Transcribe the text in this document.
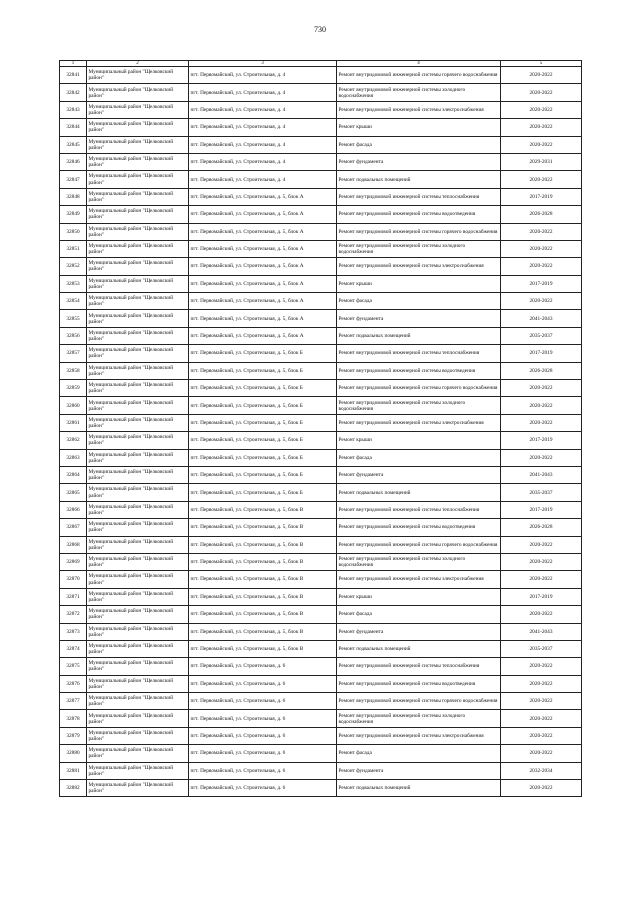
730
1	2	3	4	5
32841	Муниципальный район "Щелковский район"	пгт. Первомайский, ул. Строительная, д. 4	Ремонт внутридомовой инженерной системы горячего водоснабжения	2020-2022
32842	Муниципальный район "Щелковский район"	пгт. Первомайский, ул. Строительная, д. 4	Ремонт внутридомовой инженерной системы холодного водоснабжения	2020-2022
32843	Муниципальный район "Щелковский район"	пгт. Первомайский, ул. Строительная, д. 4	Ремонт внутридомовой инженерной системы электроснабжения	2020-2022
32844	Муниципальный район "Щелковский район"	пгт. Первомайский, ул. Строительная, д. 4	Ремонт крыши	2020-2022
32845	Муниципальный район "Щелковский район"	пгт. Первомайский, ул. Строительная, д. 4	Ремонт фасада	2020-2022
32846	Муниципальный район "Щелковский район"	пгт. Первомайский, ул. Строительная, д. 4	Ремонт фундамента	2029-2031
32847	Муниципальный район "Щелковский район"	пгт. Первомайский, ул. Строительная, д. 4	Ремонт подвальных помещений	2020-2022
32848	Муниципальный район "Щелковский район"	пгт. Первомайский, ул. Строительная, д. 5, блок А	Ремонт внутридомовой инженерной системы теплоснабжения	2017-2019
32849	Муниципальный район "Щелковский район"	пгт. Первомайский, ул. Строительная, д. 5, блок А	Ремонт внутридомовой инженерной системы водоотведения	2026-2028
32850	Муниципальный район "Щелковский район"	пгт. Первомайский, ул. Строительная, д. 5, блок А	Ремонт внутридомовой инженерной системы горячего водоснабжения	2020-2022
32851	Муниципальный район "Щелковский район"	пгт. Первомайский, ул. Строительная, д. 5, блок А	Ремонт внутридомовой инженерной системы холодного водоснабжения	2020-2022
32852	Муниципальный район "Щелковский район"	пгт. Первомайский, ул. Строительная, д. 5, блок А	Ремонт внутридомовой инженерной системы электроснабжения	2020-2022
32853	Муниципальный район "Щелковский район"	пгт. Первомайский, ул. Строительная, д. 5, блок А	Ремонт крыши	2017-2019
32854	Муниципальный район "Щелковский район"	пгт. Первомайский, ул. Строительная, д. 5, блок А	Ремонт фасада	2020-2022
32855	Муниципальный район "Щелковский район"	пгт. Первомайский, ул. Строительная, д. 5, блок А	Ремонт фундамента	2041-2043
32856	Муниципальный район "Щелковский район"	пгт. Первомайский, ул. Строительная, д. 5, блок А	Ремонт подвальных помещений	2035-2037
32857	Муниципальный район "Щелковский район"	пгт. Первомайский, ул. Строительная, д. 5, блок Б	Ремонт внутридомовой инженерной системы теплоснабжения	2017-2019
32858	Муниципальный район "Щелковский район"	пгт. Первомайский, ул. Строительная, д. 5, блок Б	Ремонт внутридомовой инженерной системы водоотведения	2026-2028
32859	Муниципальный район "Щелковский район"	пгт. Первомайский, ул. Строительная, д. 5, блок Б	Ремонт внутридомовой инженерной системы горячего водоснабжения	2020-2022
32860	Муниципальный район "Щелковский район"	пгт. Первомайский, ул. Строительная, д. 5, блок Б	Ремонт внутридомовой инженерной системы холодного водоснабжения	2020-2022
32861	Муниципальный район "Щелковский район"	пгт. Первомайский, ул. Строительная, д. 5, блок Б	Ремонт внутридомовой инженерной системы электроснабжения	2020-2022
32862	Муниципальный район "Щелковский район"	пгт. Первомайский, ул. Строительная, д. 5, блок Б	Ремонт крыши	2017-2019
32863	Муниципальный район "Щелковский район"	пгт. Первомайский, ул. Строительная, д. 5, блок Б	Ремонт фасада	2020-2022
32864	Муниципальный район "Щелковский район"	пгт. Первомайский, ул. Строительная, д. 5, блок Б	Ремонт фундамента	2041-2043
32865	Муниципальный район "Щелковский район"	пгт. Первомайский, ул. Строительная, д. 5, блок Б	Ремонт подвальных помещений	2035-2037
32866	Муниципальный район "Щелковский район"	пгт. Первомайский, ул. Строительная, д. 5, блок В	Ремонт внутридомовой инженерной системы теплоснабжения	2017-2019
32867	Муниципальный район "Щелковский район"	пгт. Первомайский, ул. Строительная, д. 5, блок В	Ремонт внутридомовой инженерной системы водоотведения	2026-2028
32868	Муниципальный район "Щелковский район"	пгт. Первомайский, ул. Строительная, д. 5, блок В	Ремонт внутридомовой инженерной системы горячего водоснабжения	2020-2022
32869	Муниципальный район "Щелковский район"	пгт. Первомайский, ул. Строительная, д. 5, блок В	Ремонт внутридомовой инженерной системы холодного водоснабжения	2020-2022
32870	Муниципальный район "Щелковский район"	пгт. Первомайский, ул. Строительная, д. 5, блок В	Ремонт внутридомовой инженерной системы электроснабжения	2020-2022
32871	Муниципальный район "Щелковский район"	пгт. Первомайский, ул. Строительная, д. 5, блок В	Ремонт крыши	2017-2019
32872	Муниципальный район "Щелковский район"	пгт. Первомайский, ул. Строительная, д. 5, блок В	Ремонт фасада	2020-2022
32873	Муниципальный район "Щелковский район"	пгт. Первомайский, ул. Строительная, д. 5, блок В	Ремонт фундамента	2041-2043
32874	Муниципальный район "Щелковский район"	пгт. Первомайский, ул. Строительная, д. 5, блок В	Ремонт подвальных помещений	2035-2037
32875	Муниципальный район "Щелковский район"	пгт. Первомайский, ул. Строительная, д. 6	Ремонт внутридомовой инженерной системы теплоснабжения	2020-2022
32876	Муниципальный район "Щелковский район"	пгт. Первомайский, ул. Строительная, д. 6	Ремонт внутридомовой инженерной системы водоотведения	2020-2022
32877	Муниципальный район "Щелковский район"	пгт. Первомайский, ул. Строительная, д. 6	Ремонт внутридомовой инженерной системы горячего водоснабжения	2020-2022
32878	Муниципальный район "Щелковский район"	пгт. Первомайский, ул. Строительная, д. 6	Ремонт внутридомовой инженерной системы холодного водоснабжения	2020-2022
32879	Муниципальный район "Щелковский район"	пгт. Первомайский, ул. Строительная, д. 6	Ремонт внутридомовой инженерной системы электроснабжения	2020-2022
32880	Муниципальный район "Щелковский район"	пгт. Первомайский, ул. Строительная, д. 6	Ремонт фасада	2020-2022
32881	Муниципальный район "Щелковский район"	пгт. Первомайский, ул. Строительная, д. 6	Ремонт фундамента	2032-2034
32882	Муниципальный район "Щелковский район"	пгт. Первомайский, ул. Строительная, д. 6	Ремонт подвальных помещений	2020-2022
